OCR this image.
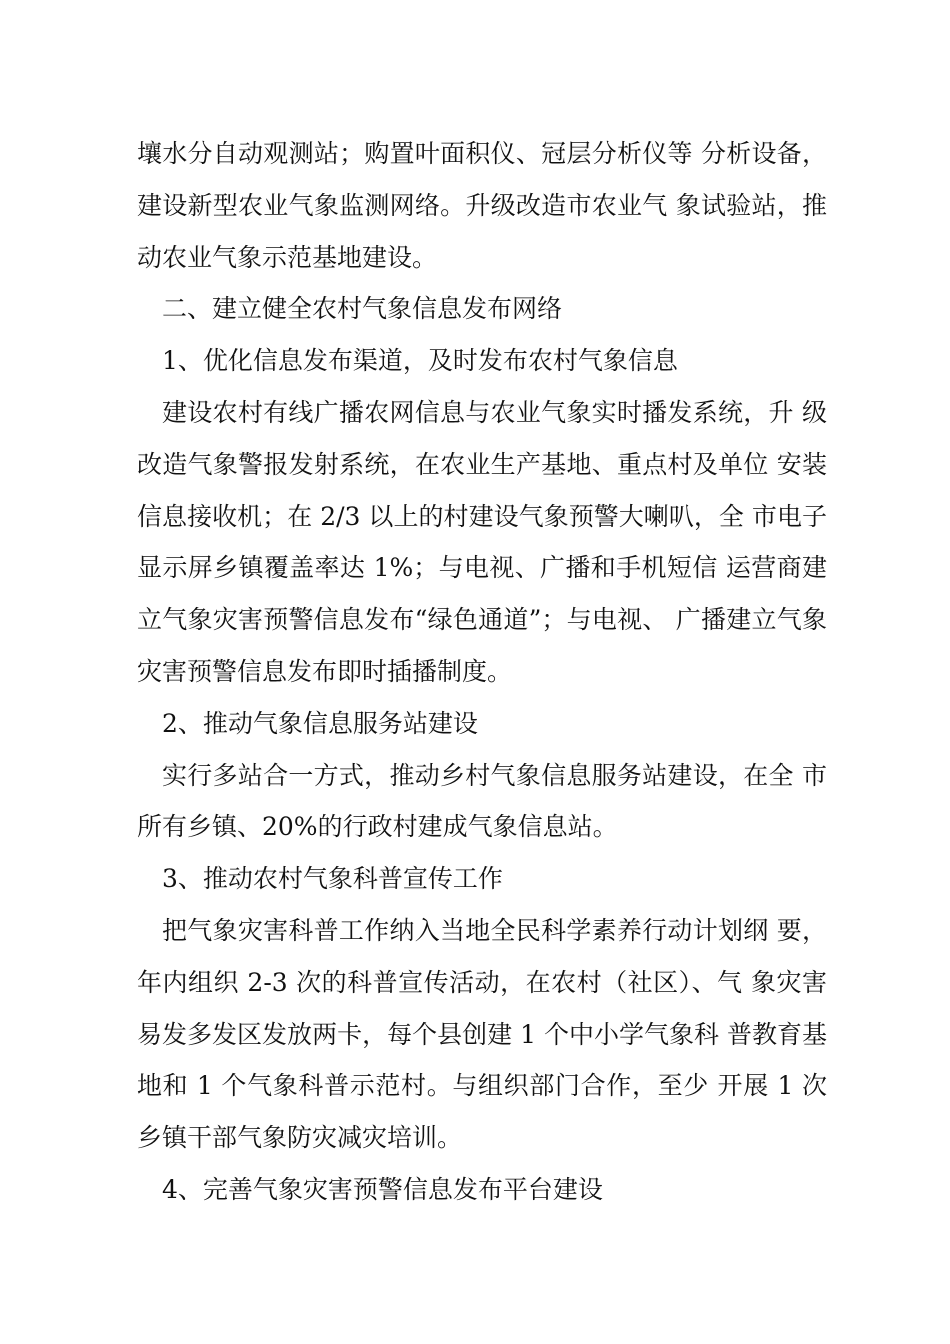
壤水分自动观测站；购置叶面积仪、冠层分析仪等 分析设备，建设新型农业气象监测网络。升级改造市农业气 象试验站，推动农业气象示范基地建设。

二、建立健全农村气象信息发布网络

1、优化信息发布渠道，及时发布农村气象信息

建设农村有线广播农网信息与农业气象实时播发系统，升 级改造气象警报发射系统，在农业生产基地、重点村及单位 安装信息接收机；在 2/3 以上的村建设气象预警大喇叭，全 市电子显示屏乡镇覆盖率达 1%；与电视、广播和手机短信 运营商建立气象灾害预警信息发布“绿色通道”；与电视、 广播建立气象灾害预警信息发布即时插播制度。

2、推动气象信息服务站建设

实行多站合一方式，推动乡村气象信息服务站建设，在全 市所有乡镇、20%的行政村建成气象信息站。

3、推动农村气象科普宣传工作

把气象灾害科普工作纳入当地全民科学素养行动计划纲 要，年内组织 2-3 次的科普宣传活动，在农村（社区）、气 象灾害易发多发区发放两卡，每个县创建 1 个中小学气象科 普教育基地和 1 个气象科普示范村。与组织部门合作，至少 开展 1 次乡镇干部气象防灾减灾培训。

4、完善气象灾害预警信息发布平台建设
